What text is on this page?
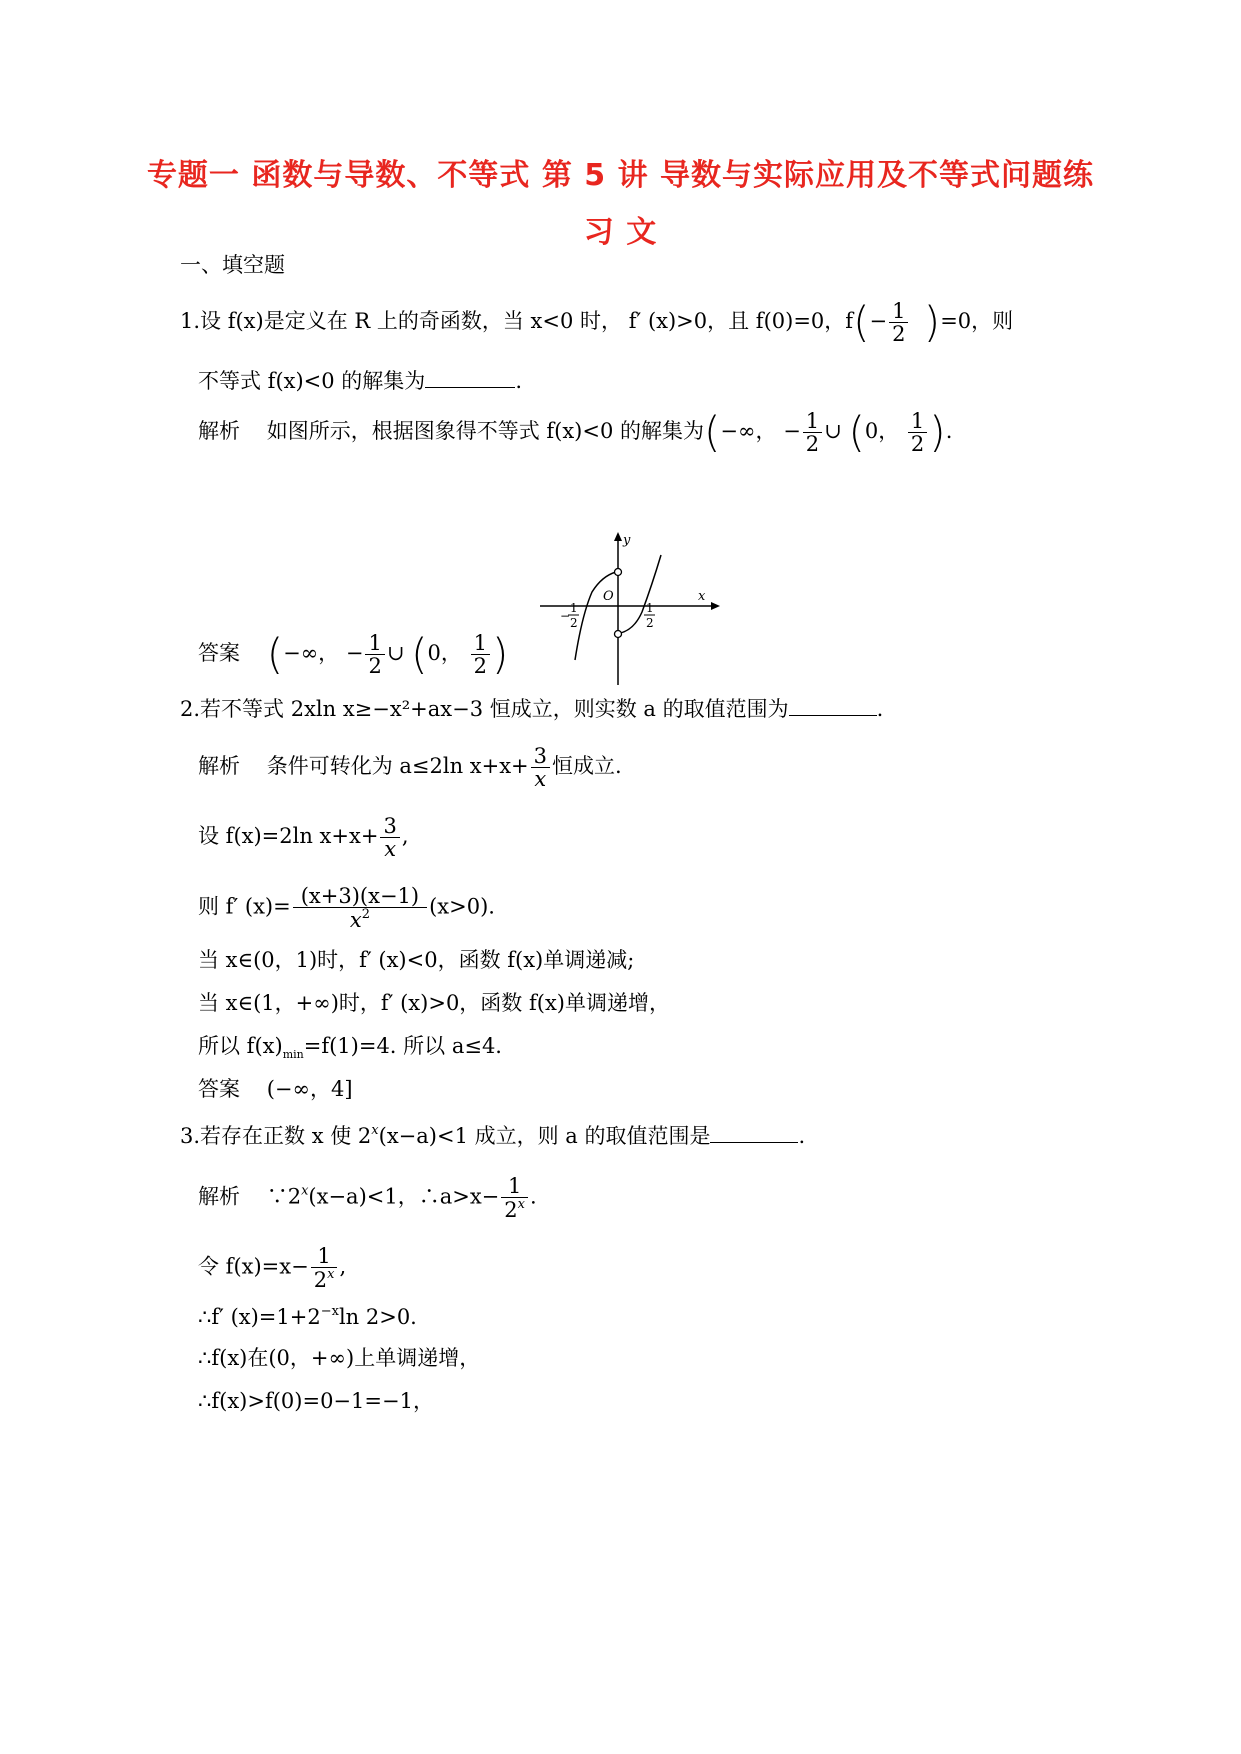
专题一 函数与导数、不等式 第 5 讲 导数与实际应用及不等式问题练
习 文
一、填空题
1.设 f(x)是定义在 R 上的奇函数，当 x<0 时， f′ (x)>0，且 f(0)=0，$f(- \frac{1}{2} )=0$，则
不等式 f(x)<0 的解集为	.
解析 如图所示，根据图象得不等式 f(x)<0 的解集为(−∞， − $\frac{1}{2}$ ∪ (0， $\frac{1}{2}$ ).
y
x
O
−
1
2
1
2
答案 (−∞， − $\frac{1}{2}$ ∪ (0， $\frac{1}{2}$ )
2.若不等式 2xln x≥−x²+ax−3 恒成立，则实数 a 的取值范围为	.
解析 条件可转化为 a≤2ln $x+x+ \frac{3}{x}$ 恒成立.
设 f(x)=2ln $x+x+ \frac{3}{x}$ ,
则 f′ $(x)= \frac{(x+3)(x-1)}{x^2} (x>0)$.
当 x∈(0，1)时，f′ (x)<0，函数 f(x)单调递减;
当 x∈(1，+∞)时，f′ (x)>0，函数 f(x)单调递增，
所以 $f(x)_{min}=f(1)=4$. 所以 a≤4.
答案 (−∞，4]
3.若存在正数 x 使 $2^x(x-a)<1$ 成立，则 a 的取值范围是	.
解析 $\because 2^x(x-a)<1$，∴a>x− $\frac{1}{2^x}$ .
令 $f(x)=x- \frac{1}{2^x}$ ,
∴f′ $(x)=1+2^{-x}\ln$ 2>0.
∴f(x)在(0，+∞)上单调递增，
∴f(x)>f(0)=0−1=−1，
